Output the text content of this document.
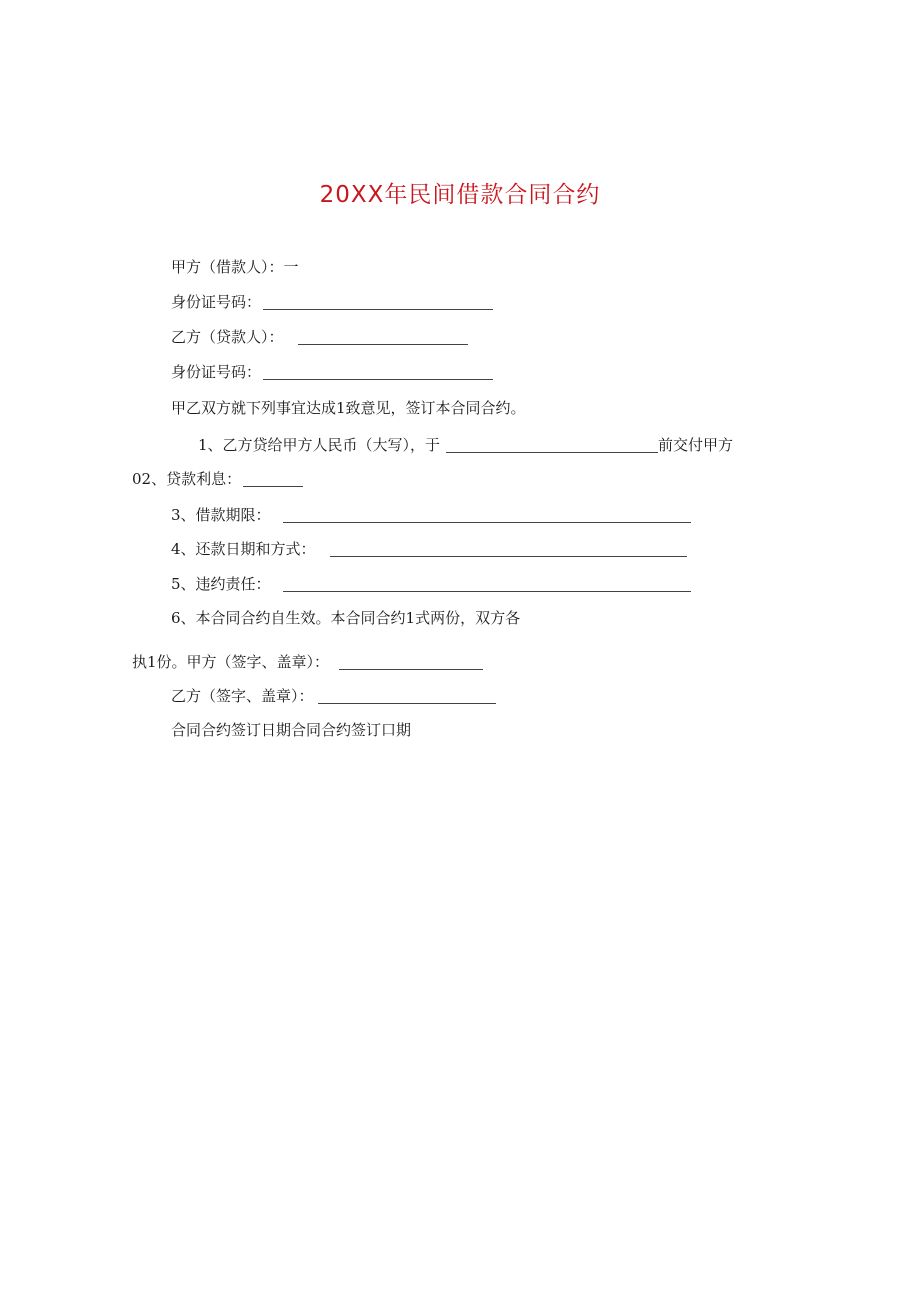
20XX年民间借款合同合约
甲方（借款人）：一
身份证号码：
乙方（贷款人）：
身份证号码：
甲乙双方就下列事宜达成1致意见，签订本合同合约。
1、乙方贷给甲方人民币（大写），于	前交付甲方
02、贷款利息：
3、借款期限：
4、还款日期和方式：
5、违约责任：
6、本合同合约自生效。本合同合约1式两份，双方各
执1份。甲方（签字、盖章）：
乙方（签字、盖章）：
合同合约签订日期合同合约签订口期
